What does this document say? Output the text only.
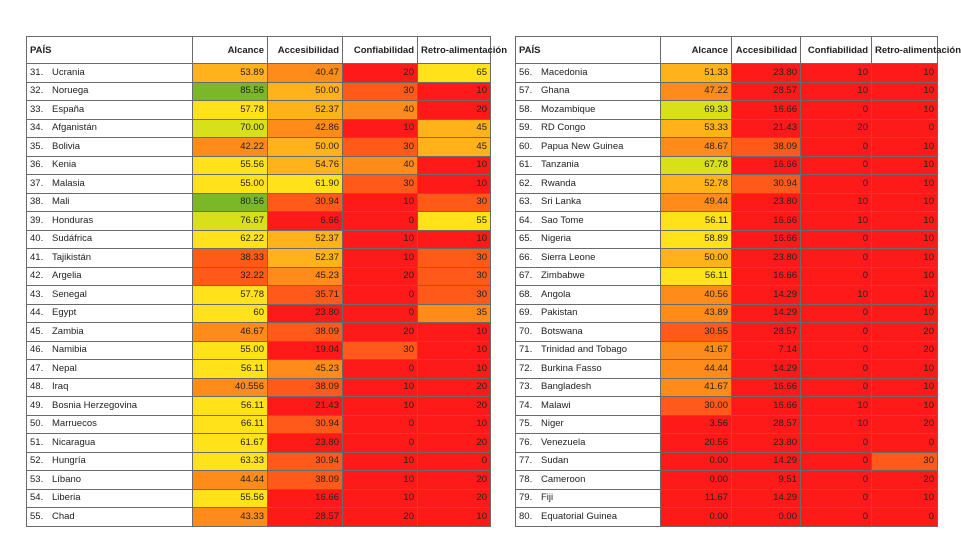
PAÍS	Alcance	Accesibilidad	Confiabilidad	Retro-alimentación
31. Ucrania	53.89	40.47	20	65
32. Noruega	85.56	50.00	30	10
33. España	57.78	52.37	40	20
34. Afganistán	70.00	42.86	10	45
35. Bolivia	42.22	50.00	30	45
36. Kenia	55.56	54.76	40	10
37. Malasia	55.00	61.90	30	10
38. Mali	80.56	30.94	10	30
39. Honduras	76.67	6.66	0	55
40. Sudáfrica	62.22	52.37	10	10
41. Tajikistán	38.33	52.37	10	30
42. Argelia	32.22	45.23	20	30
43. Senegal	57.78	35.71	0	30
44. Egypt	60	23.80	0	35
45. Zambia	46.67	38.09	20	10
46. Namibia	55.00	19.04	30	10
47. Nepal	56.11	45.23	0	10
48. Iraq	40.556	38.09	10	20
49. Bosnia Herzegovina	56.11	21.43	10	20
50. Marruecos	66.11	30.94	0	10
51. Nicaragua	61.67	23.80	0	20
52. Hungría	63.33	30.94	10	0
53. Líbano	44.44	38.09	10	20
54. Liberia	55.56	16.66	10	20
55. Chad	43.33	28.57	20	10
PAÍS	Alcance	Accesibilidad	Confiabilidad	Retro-alimentación
56. Macedonia	51.33	23.80	10	10
57. Ghana	47.22	28.57	10	10
58. Mozambique	69.33	16.66	0	10
59. RD Congo	53.33	21.43	20	0
60. Papua New Guinea	48.67	38.09	0	10
61. Tanzania	67.78	16.66	0	10
62. Rwanda	52.78	30.94	0	10
63. Sri Lanka	49.44	23.80	10	10
64. Sao Tome	56.11	16.66	10	10
65. Nigeria	58.89	16.66	0	10
66. Sierra Leone	50.00	23.80	0	10
67. Zimbabwe	56.11	16.66	0	10
68. Angola	40.56	14.29	10	10
69. Pakistan	43.89	14.29	0	10
70. Botswana	30.55	28.57	0	20
71. Trinidad and Tobago	41.67	7.14	0	20
72. Burkina Fasso	44.44	14.29	0	10
73. Bangladesh	41.67	16.66	0	10
74. Malawi	30.00	16.66	10	10
75. Niger	3.56	28.57	10	20
76. Venezuela	20.56	23.80	0	0
77. Sudan	0.00	14.29	0	30
78. Cameroon	0.00	9.51	0	20
79. Fiji	11.67	14.29	0	10
80. Equatorial Guinea	0.00	0.00	0	0
